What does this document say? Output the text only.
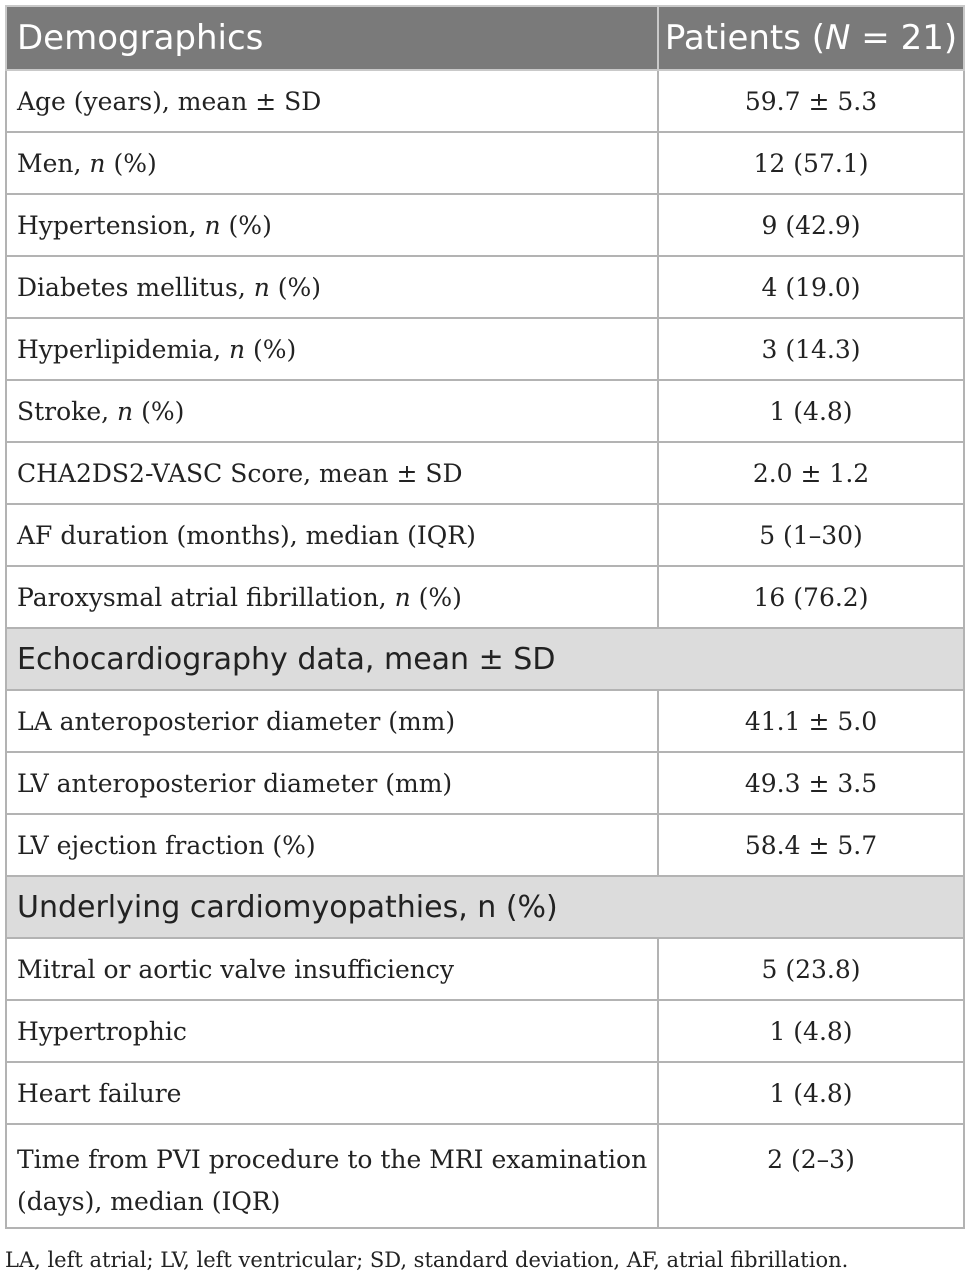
Demographics	Patients (N = 21)
Age (years), mean ± SD	59.7 ± 5.3
Men, n (%)	12 (57.1)
Hypertension, n (%)	9 (42.9)
Diabetes mellitus, n (%)	4 (19.0)
Hyperlipidemia, n (%)	3 (14.3)
Stroke, n (%)	1 (4.8)
CHA2DS2-VASC Score, mean ± SD	2.0 ± 1.2
AF duration (months), median (IQR)	5 (1–30)
Paroxysmal atrial fibrillation, n (%)	16 (76.2)
Echocardiography data, mean ± SD	
LA anteroposterior diameter (mm)	41.1 ± 5.0
LV anteroposterior diameter (mm)	49.3 ± 3.5
LV ejection fraction (%)	58.4 ± 5.7
Underlying cardiomyopathies, n (%)	
Mitral or aortic valve insufficiency	5 (23.8)
Hypertrophic	1 (4.8)
Heart failure	1 (4.8)
Time from PVI procedure to the MRI examination
(days), median (IQR)	2 (2–3)
LA, left atrial; LV, left ventricular; SD, standard deviation, AF, atrial fibrillation.
